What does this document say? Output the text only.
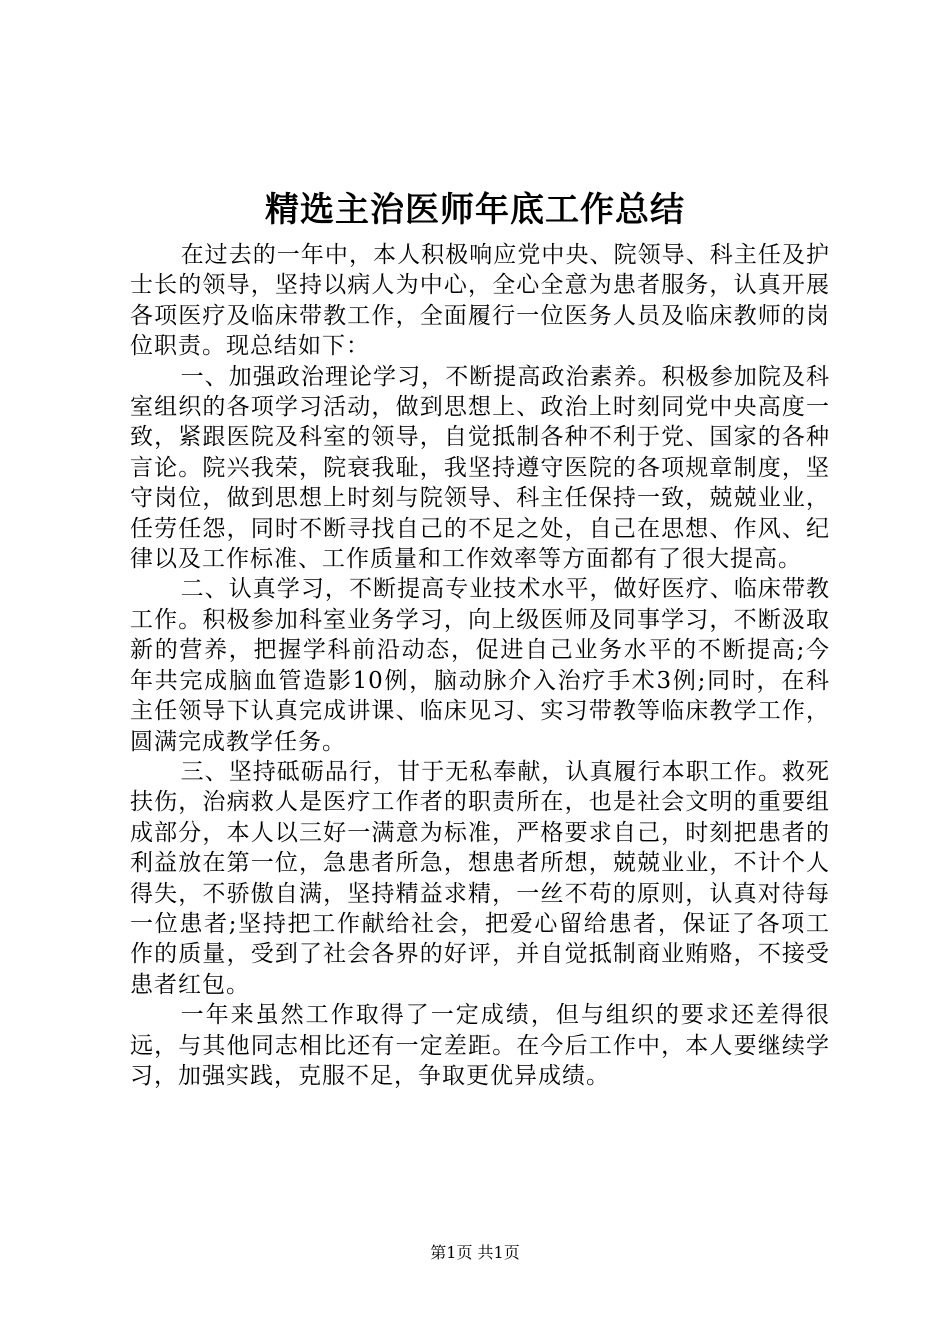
精选主治医师年底工作总结

在过去的一年中，本人积极响应党中央、院领导、科主任及护士长的领导，坚持以病人为中心，全心全意为患者服务，认真开展各项医疗及临床带教工作，全面履行一位医务人员及临床教师的岗位职责。现总结如下：

一、加强政治理论学习，不断提高政治素养。积极参加院及科室组织的各项学习活动，做到思想上、政治上时刻同党中央高度一致，紧跟医院及科室的领导，自觉抵制各种不利于党、国家的各种言论。院兴我荣，院衰我耻，我坚持遵守医院的各项规章制度，坚守岗位，做到思想上时刻与院领导、科主任保持一致，兢兢业业，任劳任怨，同时不断寻找自己的不足之处，自己在思想、作风、纪律以及工作标准、工作质量和工作效率等方面都有了很大提高。

二、认真学习，不断提高专业技术水平，做好医疗、临床带教工作。积极参加科室业务学习，向上级医师及同事学习，不断汲取新的营养，把握学科前沿动态，促进自己业务水平的不断提高;今年共完成脑血管造影10例，脑动脉介入治疗手术3例;同时，在科主任领导下认真完成讲课、临床见习、实习带教等临床教学工作，圆满完成教学任务。

三、坚持砥砺品行，甘于无私奉献，认真履行本职工作。救死扶伤，治病救人是医疗工作者的职责所在，也是社会文明的重要组成部分，本人以三好一满意为标准，严格要求自己，时刻把患者的利益放在第一位，急患者所急，想患者所想，兢兢业业，不计个人得失，不骄傲自满，坚持精益求精，一丝不苟的原则，认真对待每一位患者;坚持把工作献给社会，把爱心留给患者，保证了各项工作的质量，受到了社会各界的好评，并自觉抵制商业贿赂，不接受患者红包。

一年来虽然工作取得了一定成绩，但与组织的要求还差得很远，与其他同志相比还有一定差距。在今后工作中，本人要继续学习，加强实践，克服不足，争取更优异成绩。

第1页 共1页
